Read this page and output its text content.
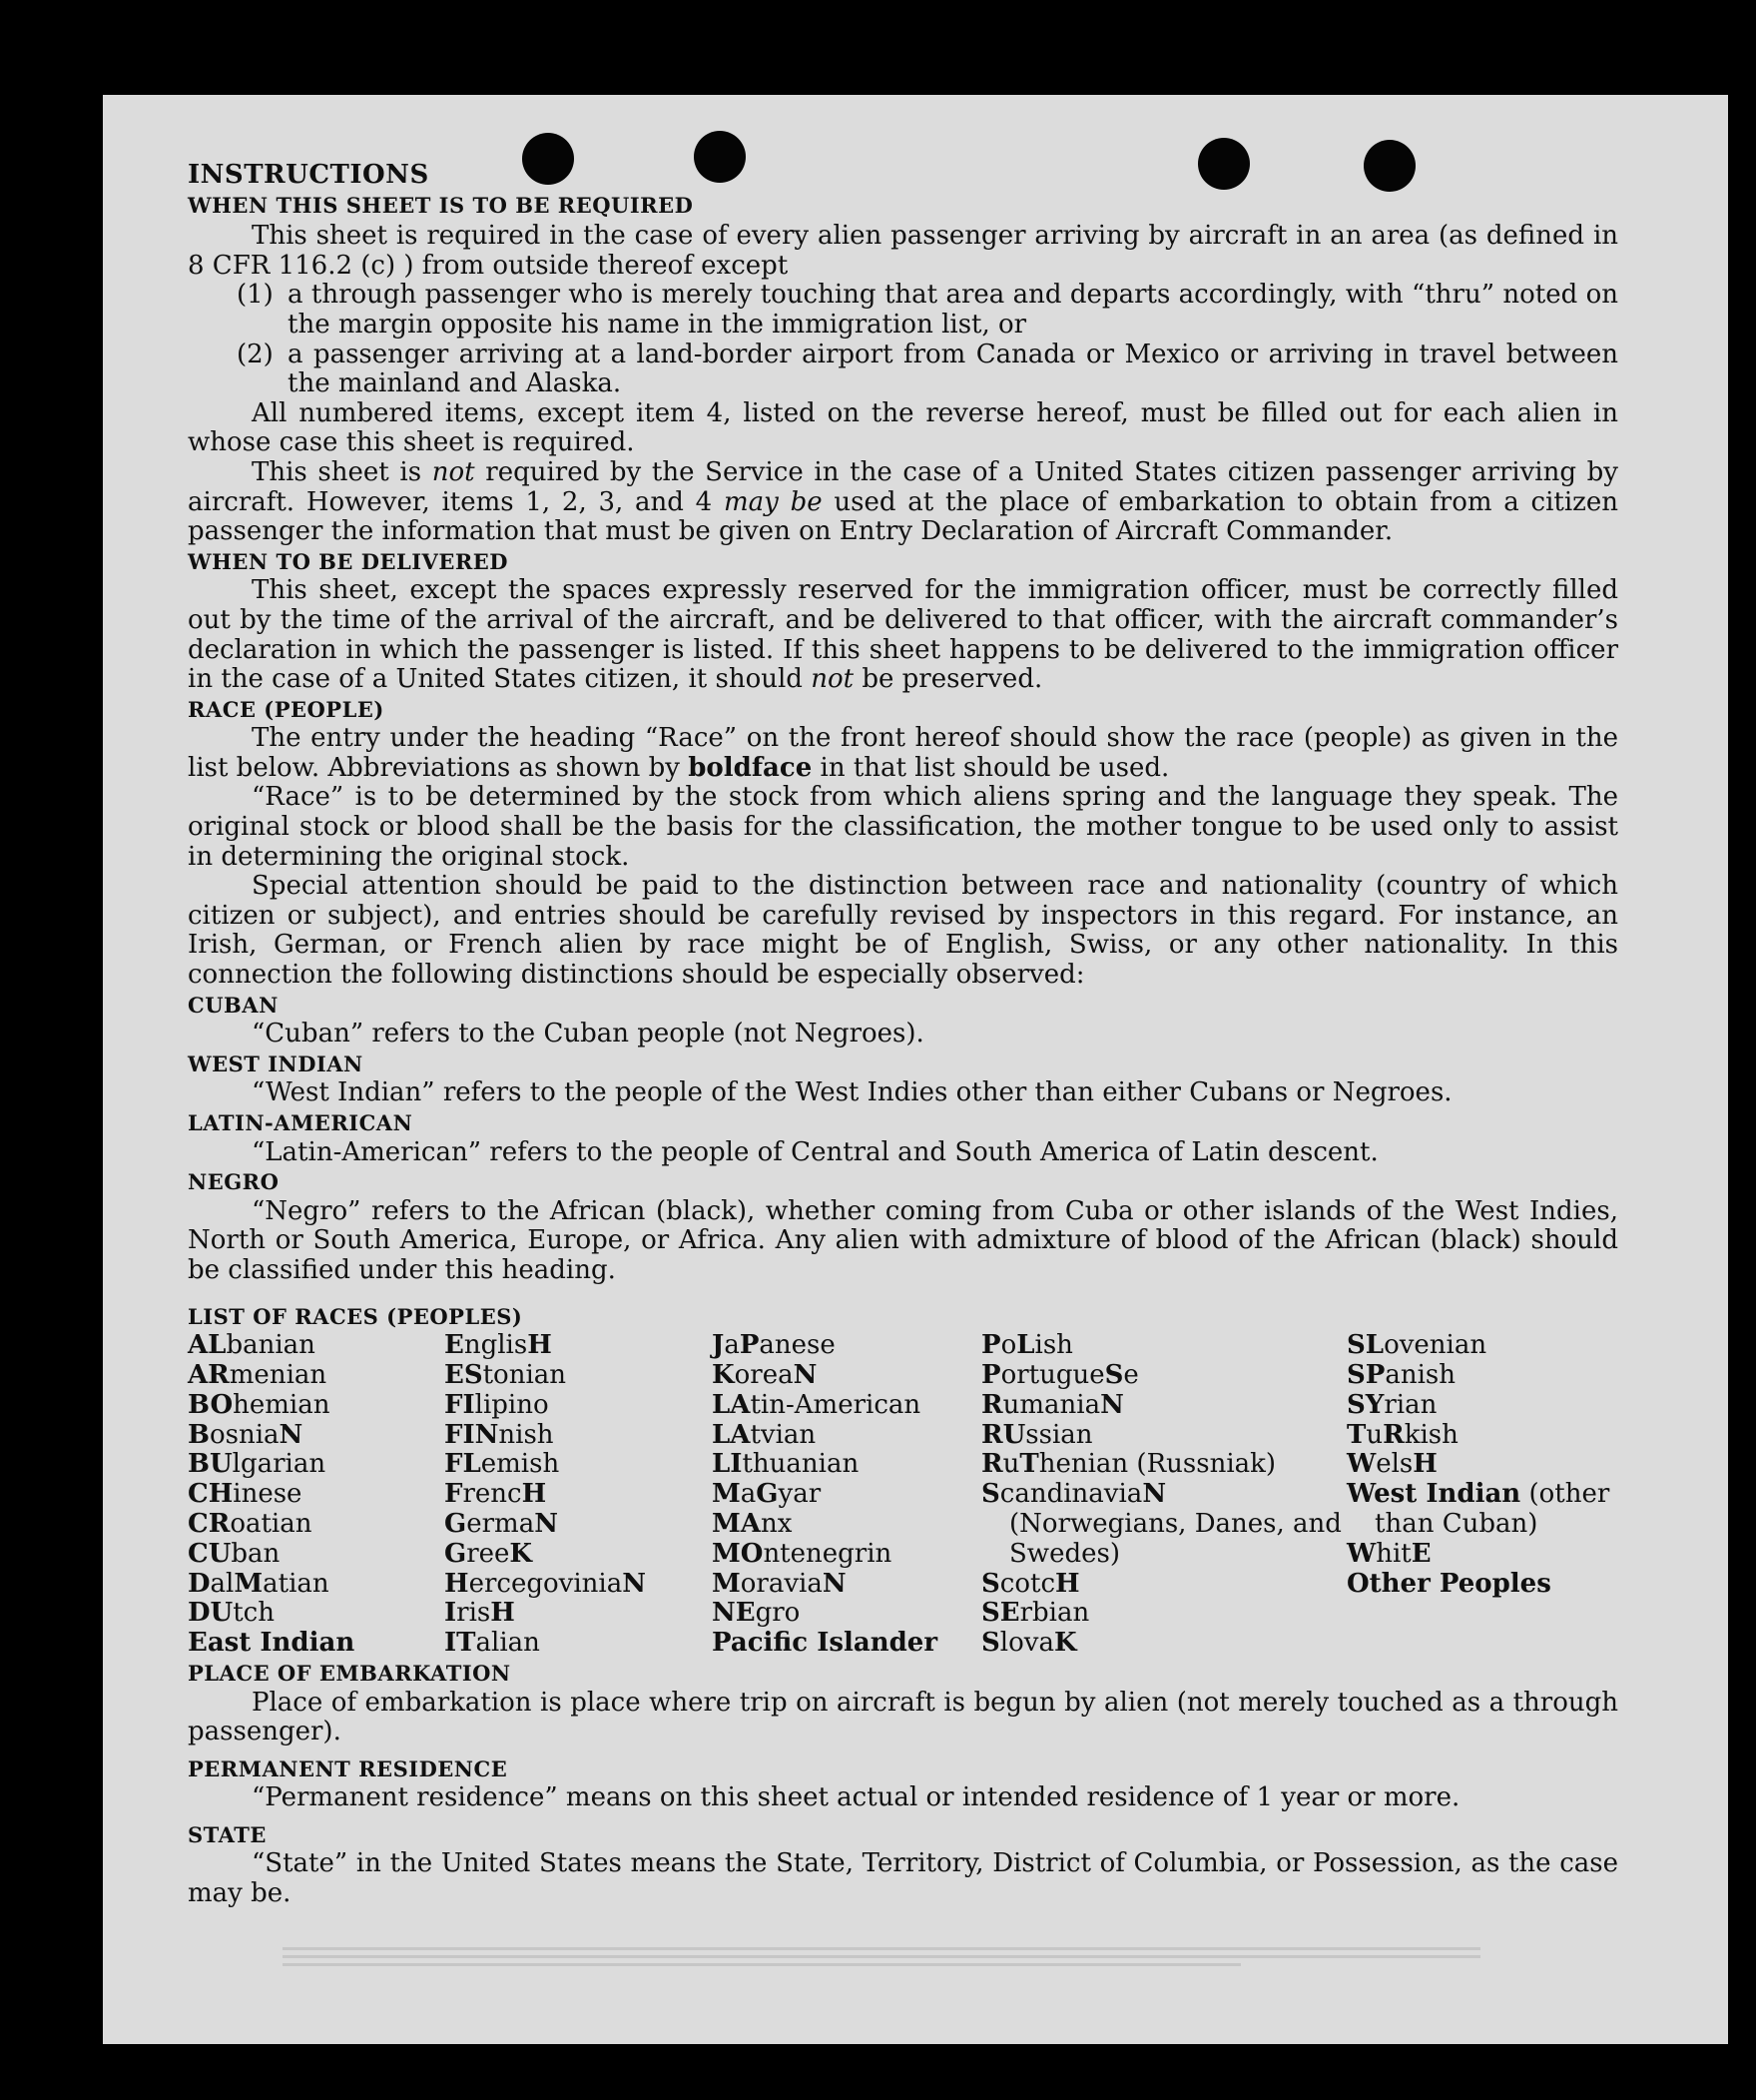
INSTRUCTIONS

WHEN THIS SHEET IS TO BE REQUIRED

This sheet is required in the case of every alien passenger arriving by aircraft in an area (as defined in 8 CFR 116.2 (c) ) from outside thereof except

(1) a through passenger who is merely touching that area and departs accordingly, with “thru” noted on the margin opposite his name in the immigration list, or

(2) a passenger arriving at a land-border airport from Canada or Mexico or arriving in travel between the mainland and Alaska.

All numbered items, except item 4, listed on the reverse hereof, must be filled out for each alien in whose case this sheet is required.

This sheet is not required by the Service in the case of a United States citizen passenger arriving by aircraft. However, items 1, 2, 3, and 4 may be used at the place of embarkation to obtain from a citizen passenger the information that must be given on Entry Declaration of Aircraft Commander.

WHEN TO BE DELIVERED

This sheet, except the spaces expressly reserved for the immigration officer, must be correctly filled out by the time of the arrival of the aircraft, and be delivered to that officer, with the aircraft commander’s declaration in which the passenger is listed. If this sheet happens to be delivered to the immigration officer in the case of a United States citizen, it should not be preserved.

RACE (PEOPLE)

The entry under the heading “Race” on the front hereof should show the race (people) as given in the list below. Abbreviations as shown by boldface in that list should be used.

“Race” is to be determined by the stock from which aliens spring and the language they speak. The original stock or blood shall be the basis for the classification, the mother tongue to be used only to assist in determining the original stock.

Special attention should be paid to the distinction between race and nationality (country of which citizen or subject), and entries should be carefully revised by inspectors in this regard. For instance, an Irish, German, or French alien by race might be of English, Swiss, or any other nationality. In this connection the following distinctions should be especially observed:

CUBAN

“Cuban” refers to the Cuban people (not Negroes).

WEST INDIAN

“West Indian” refers to the people of the West Indies other than either Cubans or Negroes.

LATIN-AMERICAN

“Latin-American” refers to the people of Central and South America of Latin descent.

NEGRO

“Negro” refers to the African (black), whether coming from Cuba or other islands of the West Indies, North or South America, Europe, or Africa. Any alien with admixture of blood of the African (black) should be classified under this heading.

LIST OF RACES (PEOPLES)

ALbanian
ARmenian
BOhemian
BosniaN
BUlgarian
CHinese
CRoatian
CUban
DalMatian
DUtch
East Indian
EnglisH
EStonian
FIlipino
FINnish
FLemish
FrencH
GermaN
GreeK
HercegoviniaN
IrisH
ITalian
JaPanese
KoreaN
LAtin-American
LAtvian
LIthuanian
MaGyar
MAnx
MOntenegrin
MoraviaN
NEgro
Pacific Islander
PoLish
PortugueSe
RumaniaN
RUssian
RuThenian (Russniak)
ScandinaviaN (Norwegians, Danes, and Swedes)
ScotcH
SErbian
SlovaK
SLovenian
SPanish
SYrian
TuRkish
WelsH
West Indian (other than Cuban)
WhitE
Other Peoples

PLACE OF EMBARKATION

Place of embarkation is place where trip on aircraft is begun by alien (not merely touched as a through passenger).

PERMANENT RESIDENCE

“Permanent residence” means on this sheet actual or intended residence of 1 year or more.

STATE

“State” in the United States means the State, Territory, District of Columbia, or Possession, as the case may be.
